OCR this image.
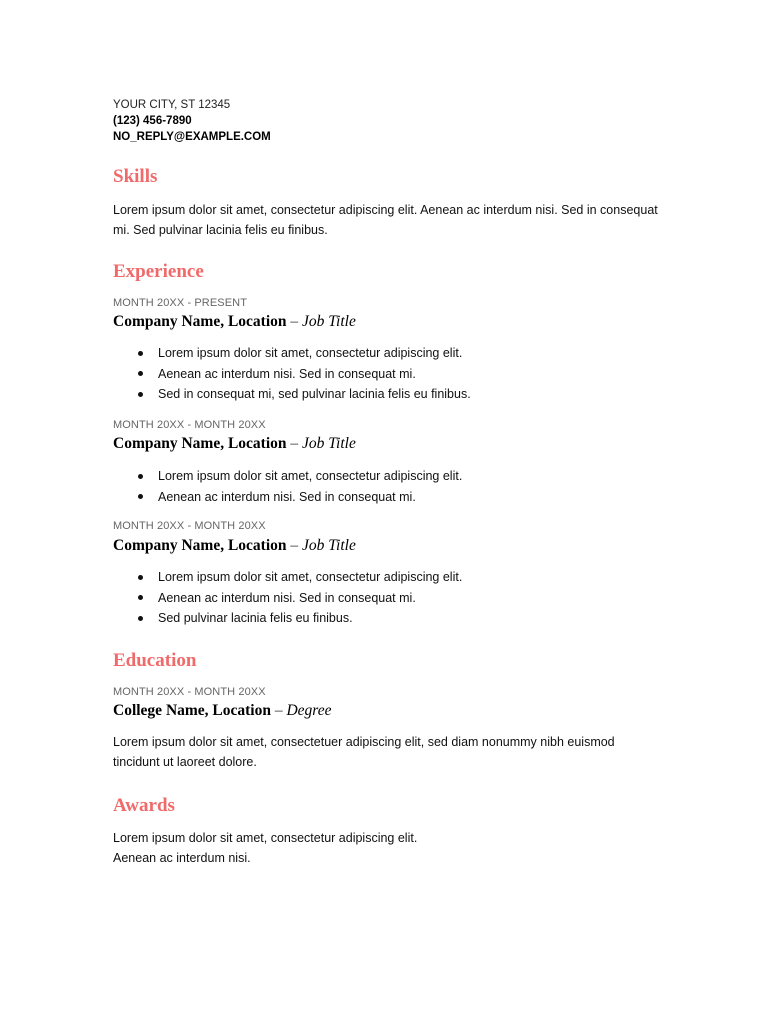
YOUR CITY, ST 12345
(123) 456-7890
NO_REPLY@EXAMPLE.COM
Skills
Lorem ipsum dolor sit amet, consectetur adipiscing elit. Aenean ac interdum nisi. Sed in consequat mi. Sed pulvinar lacinia felis eu finibus.
Experience
MONTH 20XX - PRESENT
Company Name, Location – Job Title
Lorem ipsum dolor sit amet, consectetur adipiscing elit.
Aenean ac interdum nisi. Sed in consequat mi.
Sed in consequat mi, sed pulvinar lacinia felis eu finibus.
MONTH 20XX - MONTH 20XX
Company Name, Location – Job Title
Lorem ipsum dolor sit amet, consectetur adipiscing elit.
Aenean ac interdum nisi. Sed in consequat mi.
MONTH 20XX - MONTH 20XX
Company Name, Location – Job Title
Lorem ipsum dolor sit amet, consectetur adipiscing elit.
Aenean ac interdum nisi. Sed in consequat mi.
Sed pulvinar lacinia felis eu finibus.
Education
MONTH 20XX - MONTH 20XX
College Name, Location – Degree
Lorem ipsum dolor sit amet, consectetuer adipiscing elit, sed diam nonummy nibh euismod tincidunt ut laoreet dolore.
Awards
Lorem ipsum dolor sit amet, consectetur adipiscing elit.
Aenean ac interdum nisi.
